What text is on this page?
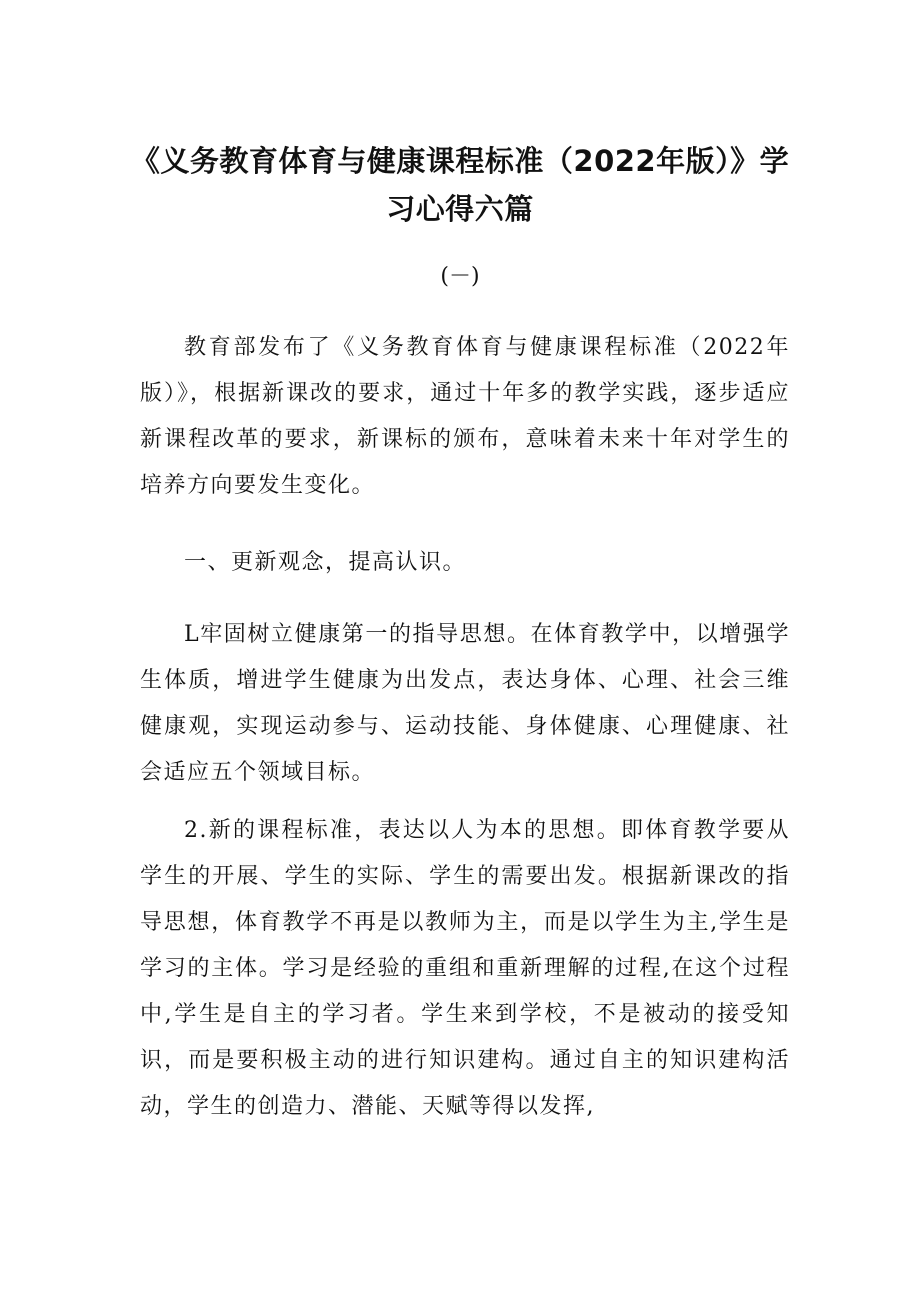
《义务教育体育与健康课程标准（2022年版）》学
习心得六篇
(－)

教育部发布了《义务教育体育与健康课程标准（2022年版）》，根据新课改的要求，通过十年多的教学实践，逐步适应新课程改革的要求，新课标的颁布，意味着未来十年对学生的培养方向要发生变化。

一、更新观念，提高认识。

L牢固树立健康第一的指导思想。在体育教学中，以增强学生体质，增进学生健康为出发点，表达身体、心理、社会三维健康观，实现运动参与、运动技能、身体健康、心理健康、社会适应五个领域目标。

2.新的课程标准，表达以人为本的思想。即体育教学要从学生的开展、学生的实际、学生的需要出发。根据新课改的指导思想，体育教学不再是以教师为主，而是以学生为主,学生是学习的主体。学习是经验的重组和重新理解的过程,在这个过程中,学生是自主的学习者。学生来到学校，不是被动的接受知识，而是要积极主动的进行知识建构。通过自主的知识建构活动，学生的创造力、潜能、天赋等得以发挥,
